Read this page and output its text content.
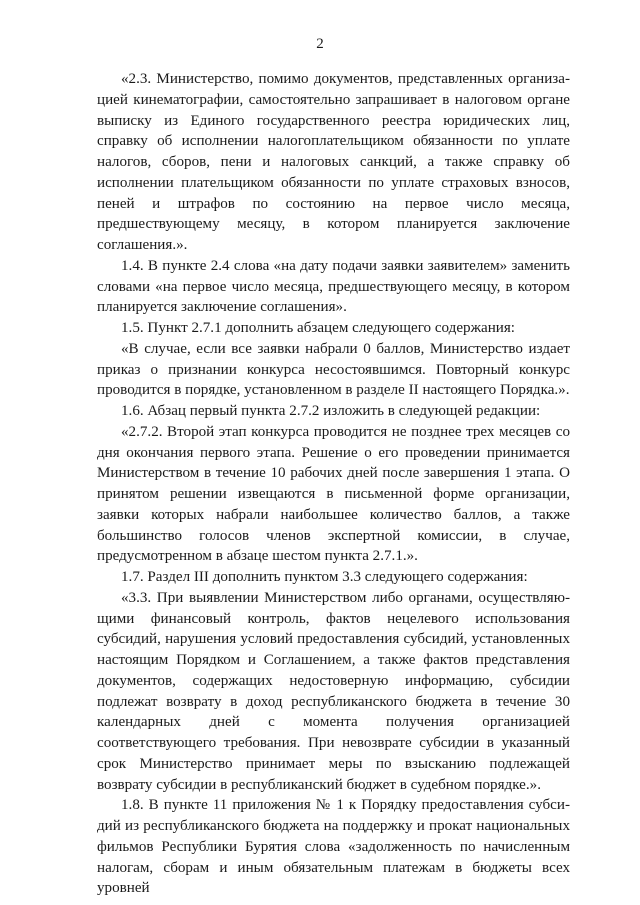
2

«2.3. Министерство, помимо документов, представленных организацией кинематографии, самостоятельно запрашивает в налоговом органе выписку из Единого государственного реестра юридических лиц, справку об исполнении налогоплательщиком обязанности по уплате налогов, сборов, пени и налоговых санкций, а также справку об исполнении плательщиком обязанности по уплате страховых взносов, пеней и штрафов по состоянию на первое число месяца, предшествующему месяцу, в котором планируется заключение соглашения.».

1.4. В пункте 2.4 слова «на дату подачи заявки заявителем» заменить словами «на первое число месяца, предшествующего месяцу, в котором планируется заключение соглашения».

1.5. Пункт 2.7.1 дополнить абзацем следующего содержания:

«В случае, если все заявки набрали 0 баллов, Министерство издает приказ о признании конкурса несостоявшимся. Повторный конкурс проводится в порядке, установленном в разделе II настоящего Порядка.».

1.6. Абзац первый пункта 2.7.2 изложить в следующей редакции:

«2.7.2. Второй этап конкурса проводится не позднее трех месяцев со дня окончания первого этапа. Решение о его проведении принимается Министерством в течение 10 рабочих дней после завершения 1 этапа. О принятом решении извещаются в письменной форме организации, заявки которых набрали наибольшее количество баллов, а также большинство голосов членов экспертной комиссии, в случае, предусмотренном в абзаце шестом пункта 2.7.1.».

1.7. Раздел III дополнить пунктом 3.3 следующего содержания:

«3.3. При выявлении Министерством либо органами, осуществляющими финансовый контроль, фактов нецелевого использования субсидий, нарушения условий предоставления субсидий, установленных настоящим Порядком и Соглашением, а также фактов представления документов, содержащих недостоверную информацию, субсидии подлежат возврату в доход республиканского бюджета в течение 30 календарных дней с момента получения организацией соответствующего требования. При невозврате субсидии в указанный срок Министерство принимает меры по взысканию подлежащей возврату субсидии в республиканский бюджет в судебном порядке.».

1.8. В пункте 11 приложения № 1 к Порядку предоставления субсидий из республиканского бюджета на поддержку и прокат национальных фильмов Республики Бурятия слова «задолженность по начисленным налогам, сборам и иным обязательным платежам в бюджеты всех уровней
